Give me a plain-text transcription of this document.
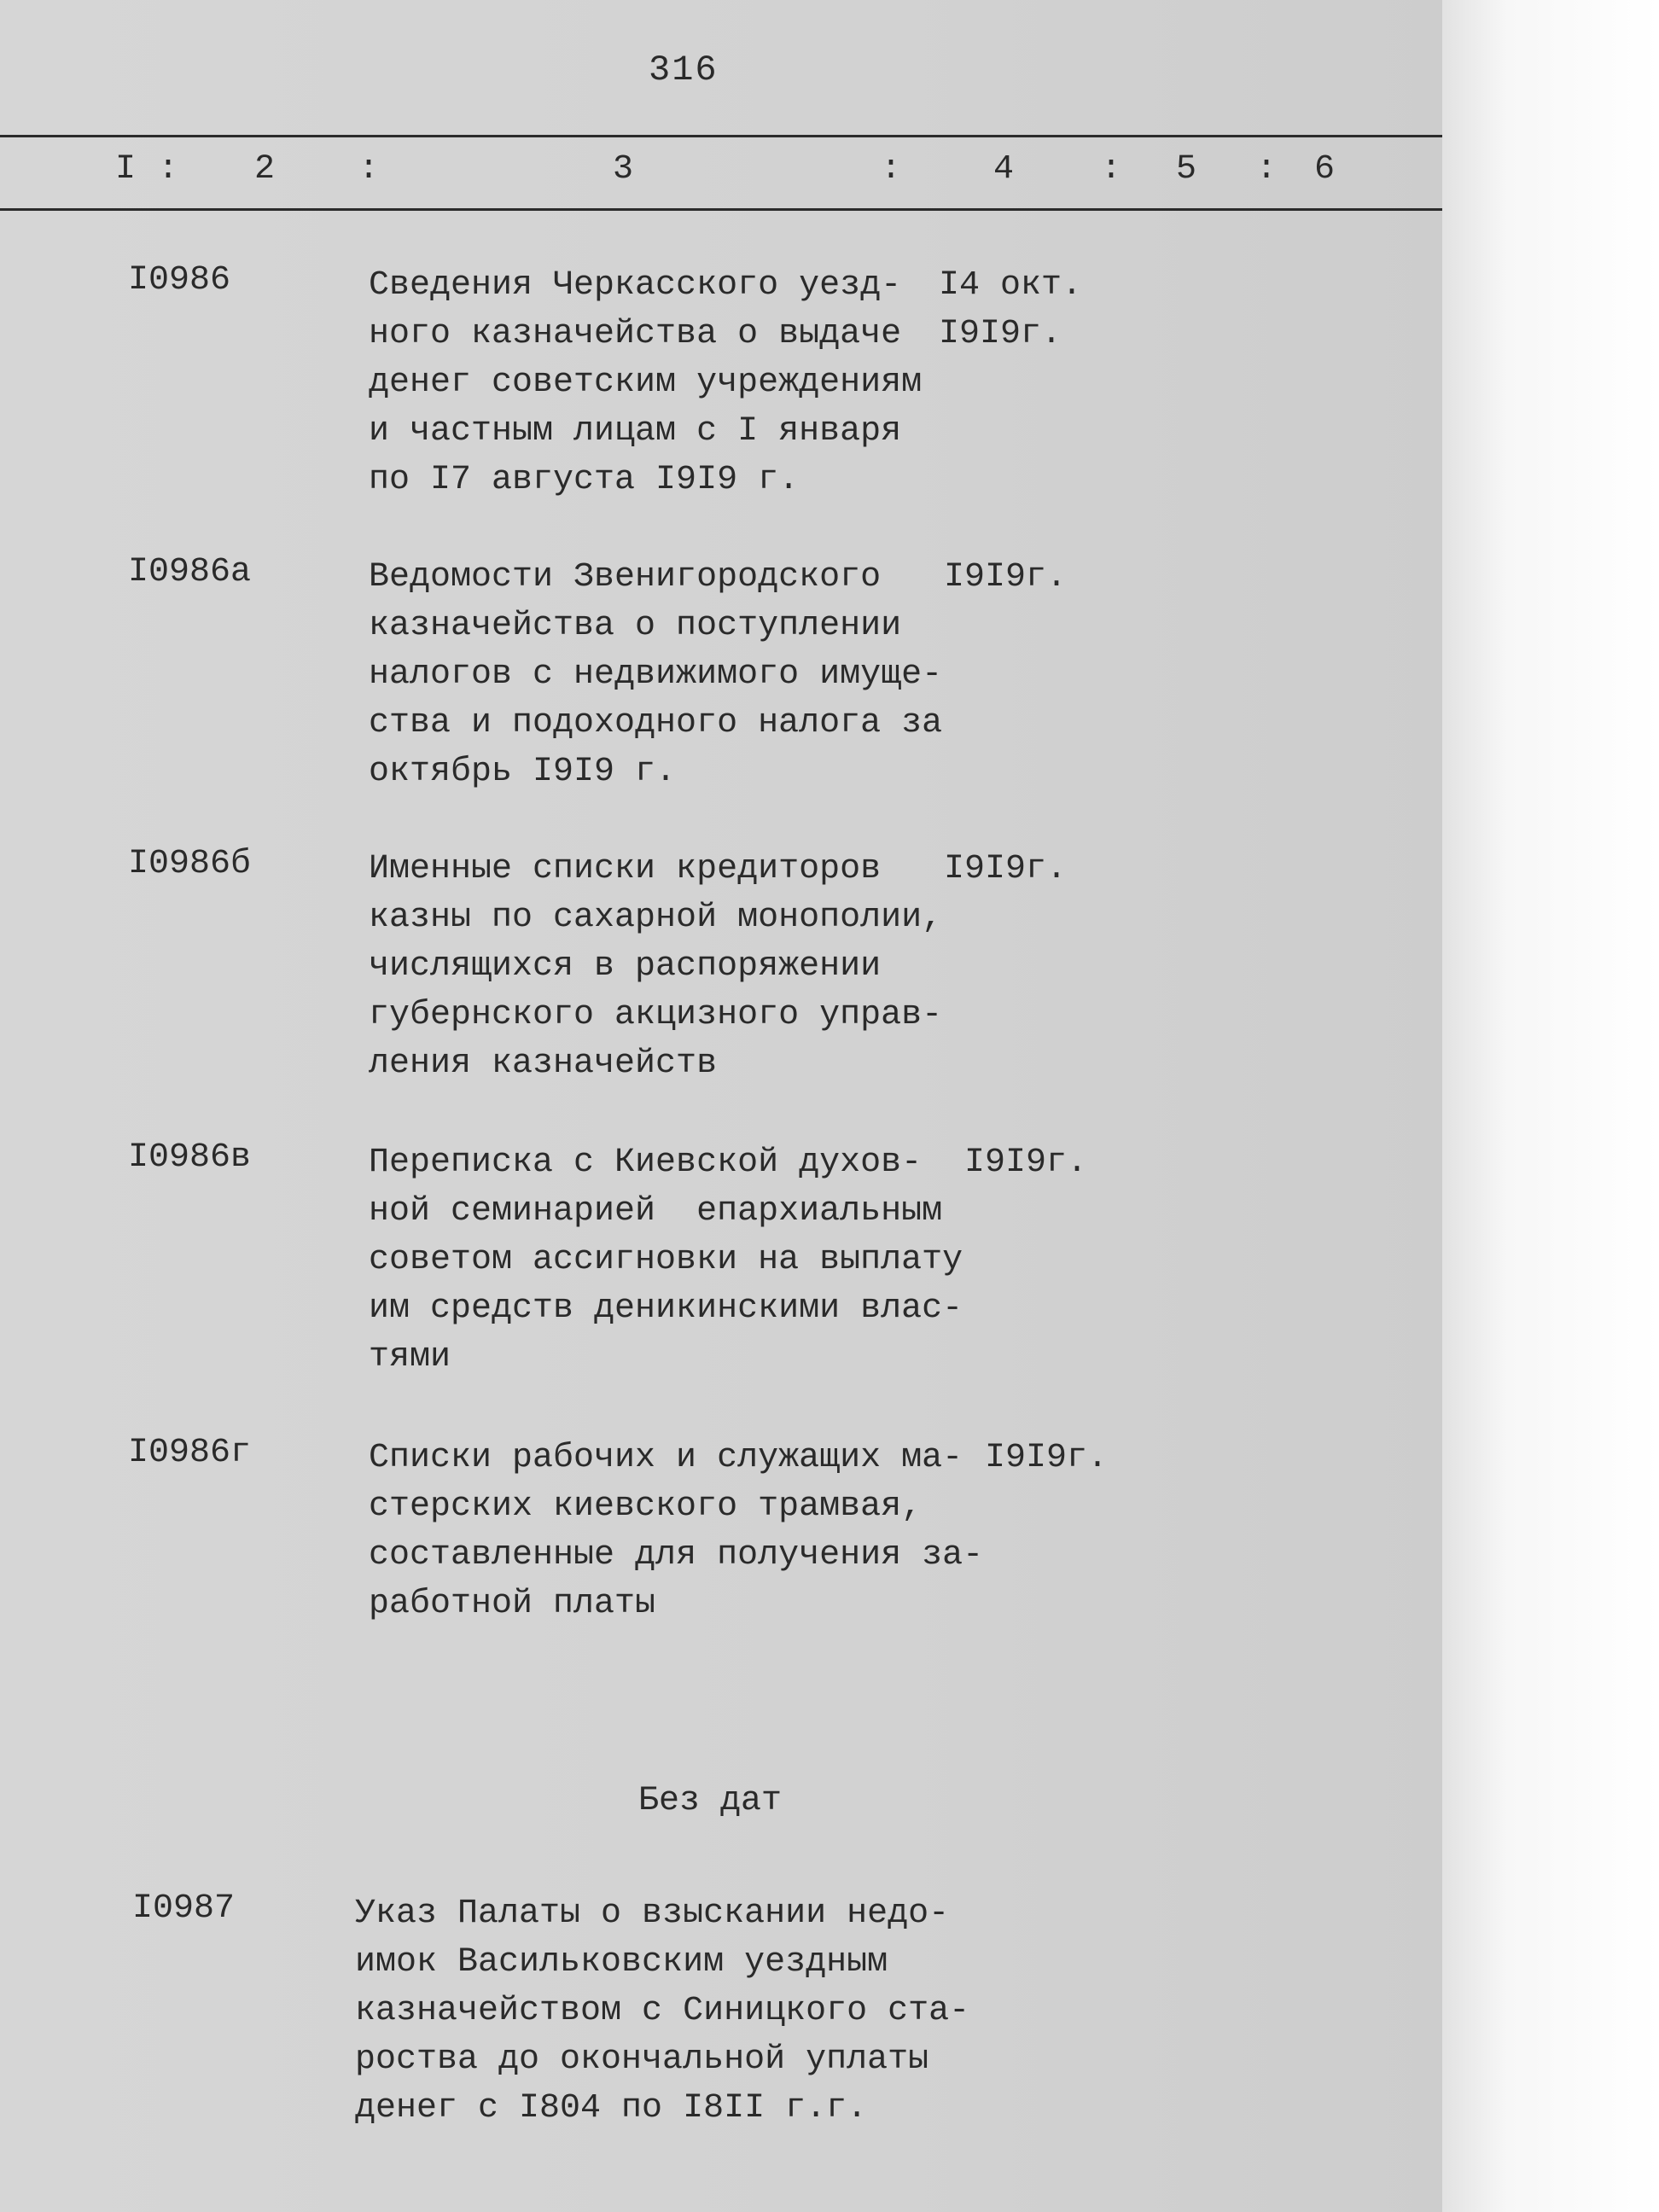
316
I : 2 :	3	:	4	: 5 : 6
I0986	Сведения Черкасского уезд-
ного казначейства о выдаче
денег советским учреждениям
и частным лицам с I января
по I7 августа I9I9 г.
I4 окт.
I9I9г.
I0986а	Ведомости Звенигородского
казначейства о поступлении
налогов с недвижимого имуще-
ства и подоходного налога за
октябрь I9I9 г.
I9I9г.
I0986б	Именные списки кредиторов
казны по сахарной монополии,
числящихся в распоряжении
губернского акцизного управ-
ления казначейств
I9I9г.
I0986в	Переписка с Киевской духов-
ной семинарией  епархиальным
советом ассигновки на выплату
им средств деникинскими влас-
тями
I9I9г.
I0986г	Списки рабочих и служащих ма-
стерских киевского трамвая,
составленные для получения за-
работной платы
I9I9г.
Без дат
I0987	Указ Палаты о взыскании недо-
имок Васильковским уездным
казначейством с Синицкого ста-
роства до окончальной уплаты
денег с I804 по I8II г.г.
